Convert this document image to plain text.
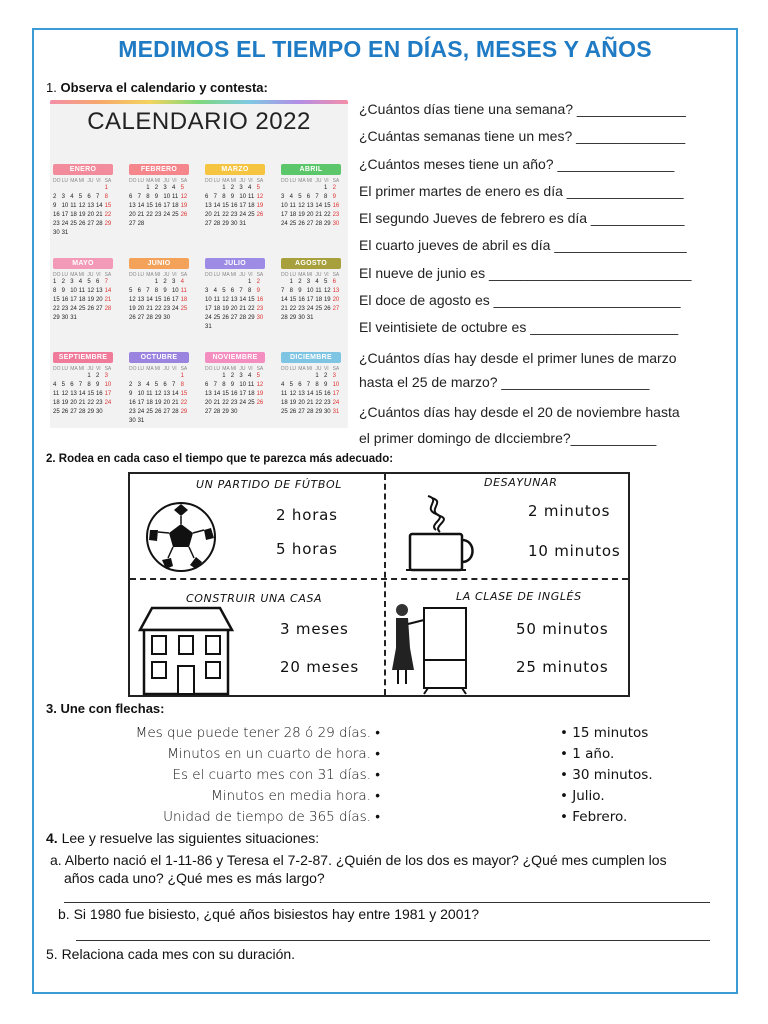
MEDIMOS EL TIEMPO EN DÍAS, MESES Y AÑOS
1. Observa el calendario y contesta:
CALENDARIO 2022
ENERO
DO LU MA MI JU VI SA
1
2 3 4 5 6 7 8
9 10 11 12 13 14 15
16 17 18 19 20 21 22
23 24 25 26 27 28 29
30 31
FEBRERO
DO LU MA MI JU VI SA
1 2 3 4 5
6 7 8 9 10 11 12
13 14 15 16 17 18 19
20 21 22 23 24 25 26
27 28
MARZO
DO LU MA MI JU VI SA
1 2 3 4 5
6 7 8 9 10 11 12
13 14 15 16 17 18 19
20 21 22 23 24 25 26
27 28 29 30 31
ABRIL
DO LU MA MI JU VI SA
1 2
3 4 5 6 7 8 9
10 11 12 13 14 15 16
17 18 19 20 21 22 23
24 25 26 27 28 29 30
MAYO
DO LU MA MI JU VI SA
1 2 3 4 5 6 7
8 9 10 11 12 13 14
15 16 17 18 19 20 21
22 23 24 25 26 27 28
29 30 31
JUNIO
DO LU MA MI JU VI SA
1 2 3 4
5 6 7 8 9 10 11
12 13 14 15 16 17 18
19 20 21 22 23 24 25
26 27 28 29 30
JULIO
DO LU MA MI JU VI SA
1 2
3 4 5 6 7 8 9
10 11 12 13 14 15 16
17 18 19 20 21 22 23
24 25 26 27 28 29 30
31
AGOSTO
DO LU MA MI JU VI SA
1 2 3 4 5 6
7 8 9 10 11 12 13
14 15 16 17 18 19 20
21 22 23 24 25 26 27
28 29 30 31
SEPTIEMBRE
DO LU MA MI JU VI SA
1 2 3
4 5 6 7 8 9 10
11 12 13 14 15 16 17
18 19 20 21 22 23 24
25 26 27 28 29 30
OCTUBRE
DO LU MA MI JU VI SA
1
2 3 4 5 6 7 8
9 10 11 12 13 14 15
16 17 18 19 20 21 22
23 24 25 26 27 28 29
30 31
NOVIEMBRE
DO LU MA MI JU VI SA
1 2 3 4 5
6 7 8 9 10 11 12
13 14 15 16 17 18 19
20 21 22 23 24 25 26
27 28 29 30
DICIEMBRE
DO LU MA MI JU VI SA
1 2 3
4 5 6 7 8 9 10
11 12 13 14 15 16 17
18 19 20 21 22 23 24
25 26 27 28 29 30 31
¿Cuántos días tiene una semana? ______________
¿Cuántas semanas tiene un mes? ______________
¿Cuántos meses tiene un año? _______________
El primer martes de enero es día _______________
El segundo Jueves de febrero es día ____________
El cuarto jueves de abril es día _________________
El nueve de junio es __________________________
El doce de agosto es ________________________
El veintisiete de octubre es ___________________
¿Cuántos días hay desde el primer lunes de marzo
hasta el 25 de marzo? ___________________
¿Cuántos días hay desde el 20 de noviembre hasta
el primer domingo de dIcciembre?___________
2. Rodea en cada caso el tiempo que te parezca más adecuado:
UN PARTIDO DE FÚTBOL
2 horas
5 horas
DESAYUNAR
2 minutos
10 minutos
CONSTRUIR UNA CASA
3 meses
20 meses
LA CLASE DE INGLÉS
50 minutos
25 minutos
3. Une con flechas:
Mes que puede tener 28 ó 29 días. •
Minutos en un cuarto de hora. •
Es el cuarto mes con 31 días. •
Minutos en media hora. •
Unidad de tiempo de 365 días. •
• 15 minutos
• 1 año.
• 30 minutos.
• Julio.
• Febrero.
4. Lee y resuelve las siguientes situaciones:
a. Alberto nació el 1-11-86 y Teresa el 7-2-87. ¿Quién de los dos es mayor? ¿Qué mes cumplen los
años cada uno? ¿Qué mes es más largo?
b. Si 1980 fue bisiesto, ¿qué años bisiestos hay entre 1981 y 2001?
5. Relaciona cada mes con su duración.
